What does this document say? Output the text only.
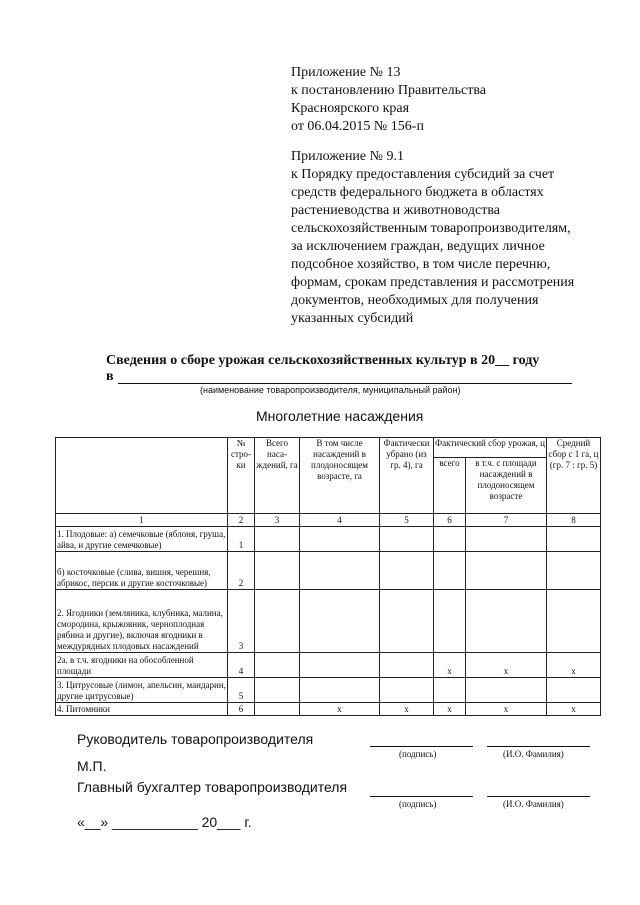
Приложение № 13
к постановлению Правительства
Красноярского края
от 06.04.2015 № 156-п
Приложение № 9.1
к Порядку предоставления субсидий за счет
средств федерального бюджета в областях
растениеводства и животноводства
сельскохозяйственным товаропроизводителям,
за исключением граждан, ведущих личное
подсобное хозяйство, в том числе перечню,
формам, срокам представления и рассмотрения
документов, необходимых для получения
указанных субсидий
Сведения о сборе урожая сельскохозяйственных культур в 20__ году
в
(наименование товаропроизводителя, муниципальный район)
Многолетние насаждения
	№ стро-ки	Всего наса-ждений, га	В том числе насаждений в плодоносящем возрасте, га	Фактически убрано (из гр. 4), га	Фактический сбор урожая, ц		Средний сбор с 1 га, ц (гр. 7 : гр. 5)
					всего	в т.ч. с площади насаждений в плодоносящем возрасте	
1	2	3	4	5	6	7	8
1. Плодовые: а) семечковые (яблоня, груша, айва, и другие семечковые)	1						
б) косточковые (слива, вишня, черешня, абрикос, персик и другие косточковые)	2						
2. Ягодники (земляника, клубника, малина, смородина, крыжовник, черноплодная рябина и другие), включая ягодники в междурядных плодовых насаждений	3						
2а. в т.ч. ягодники на обособленной площади	4				х	х	х
3. Цитрусовые (лимон, апельсин, мандарин, другие цитрусовые)	5						
4. Питомники	6		х	х	х	х	х
Руководитель товаропроизводителя
(подпись)	(И.О. Фамилия)
М.П.
Главный бухгалтер товаропроизводителя
(подпись)	(И.О. Фамилия)
«__» ___________ 20___ г.
